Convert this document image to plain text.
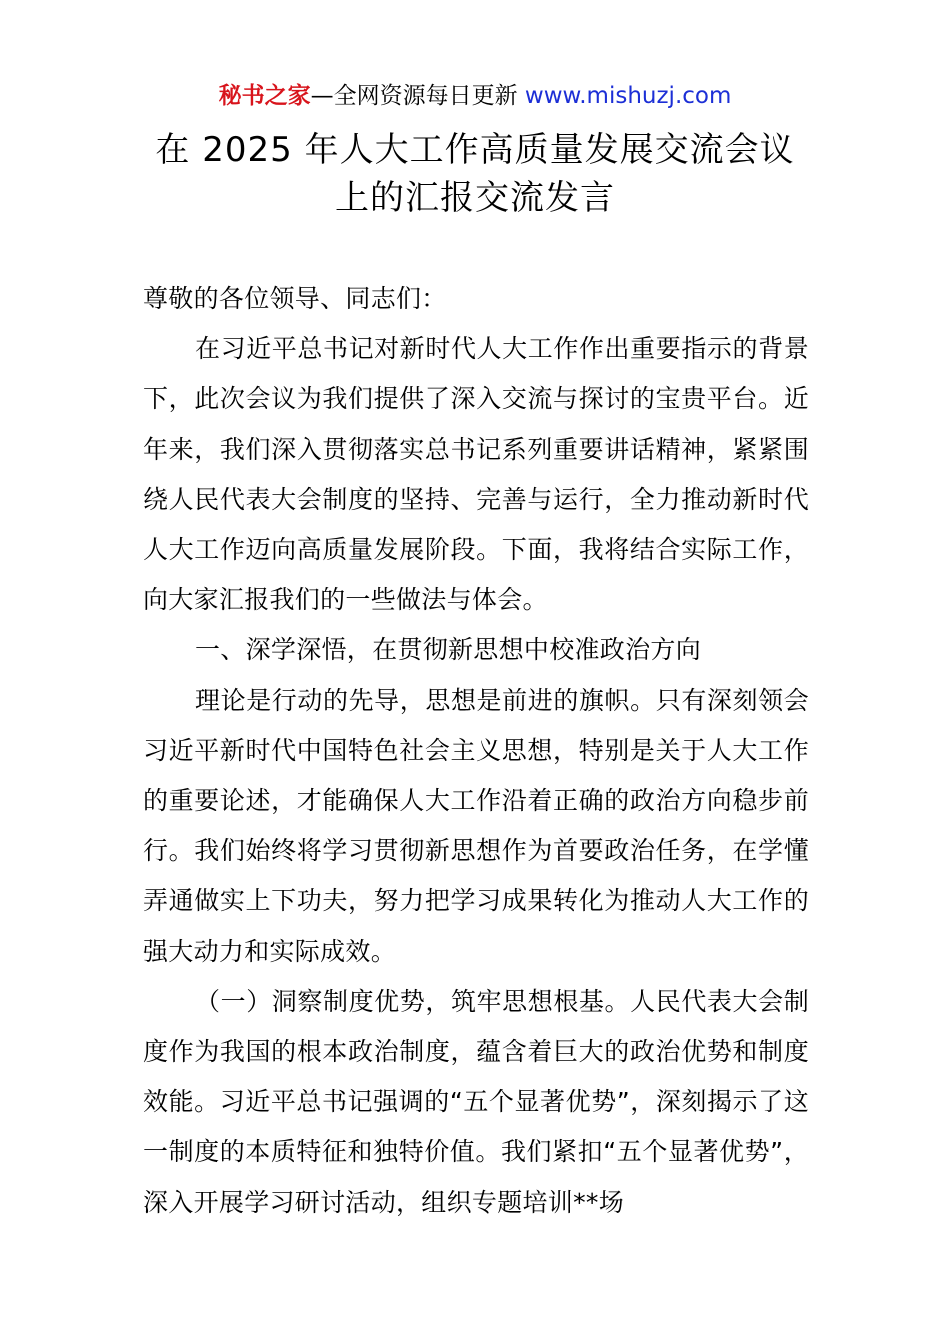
秘书之家—全网资源每日更新 www.mishuzj.com
在 2025 年人大工作高质量发展交流会议上的汇报交流发言

尊敬的各位领导、同志们：

在习近平总书记对新时代人大工作作出重要指示的背景下，此次会议为我们提供了深入交流与探讨的宝贵平台。近年来，我们深入贯彻落实总书记系列重要讲话精神，紧紧围绕人民代表大会制度的坚持、完善与运行，全力推动新时代人大工作迈向高质量发展阶段。下面，我将结合实际工作，向大家汇报我们的一些做法与体会。

一、深学深悟，在贯彻新思想中校准政治方向

理论是行动的先导，思想是前进的旗帜。只有深刻领会习近平新时代中国特色社会主义思想，特别是关于人大工作的重要论述，才能确保人大工作沿着正确的政治方向稳步前行。我们始终将学习贯彻新思想作为首要政治任务，在学懂弄通做实上下功夫，努力把学习成果转化为推动人大工作的强大动力和实际成效。

（一）洞察制度优势，筑牢思想根基。人民代表大会制度作为我国的根本政治制度，蕴含着巨大的政治优势和制度效能。习近平总书记强调的“五个显著优势”，深刻揭示了这一制度的本质特征和独特价值。我们紧扣“五个显著优势”，深入开展学习研讨活动，组织专题培训**场
